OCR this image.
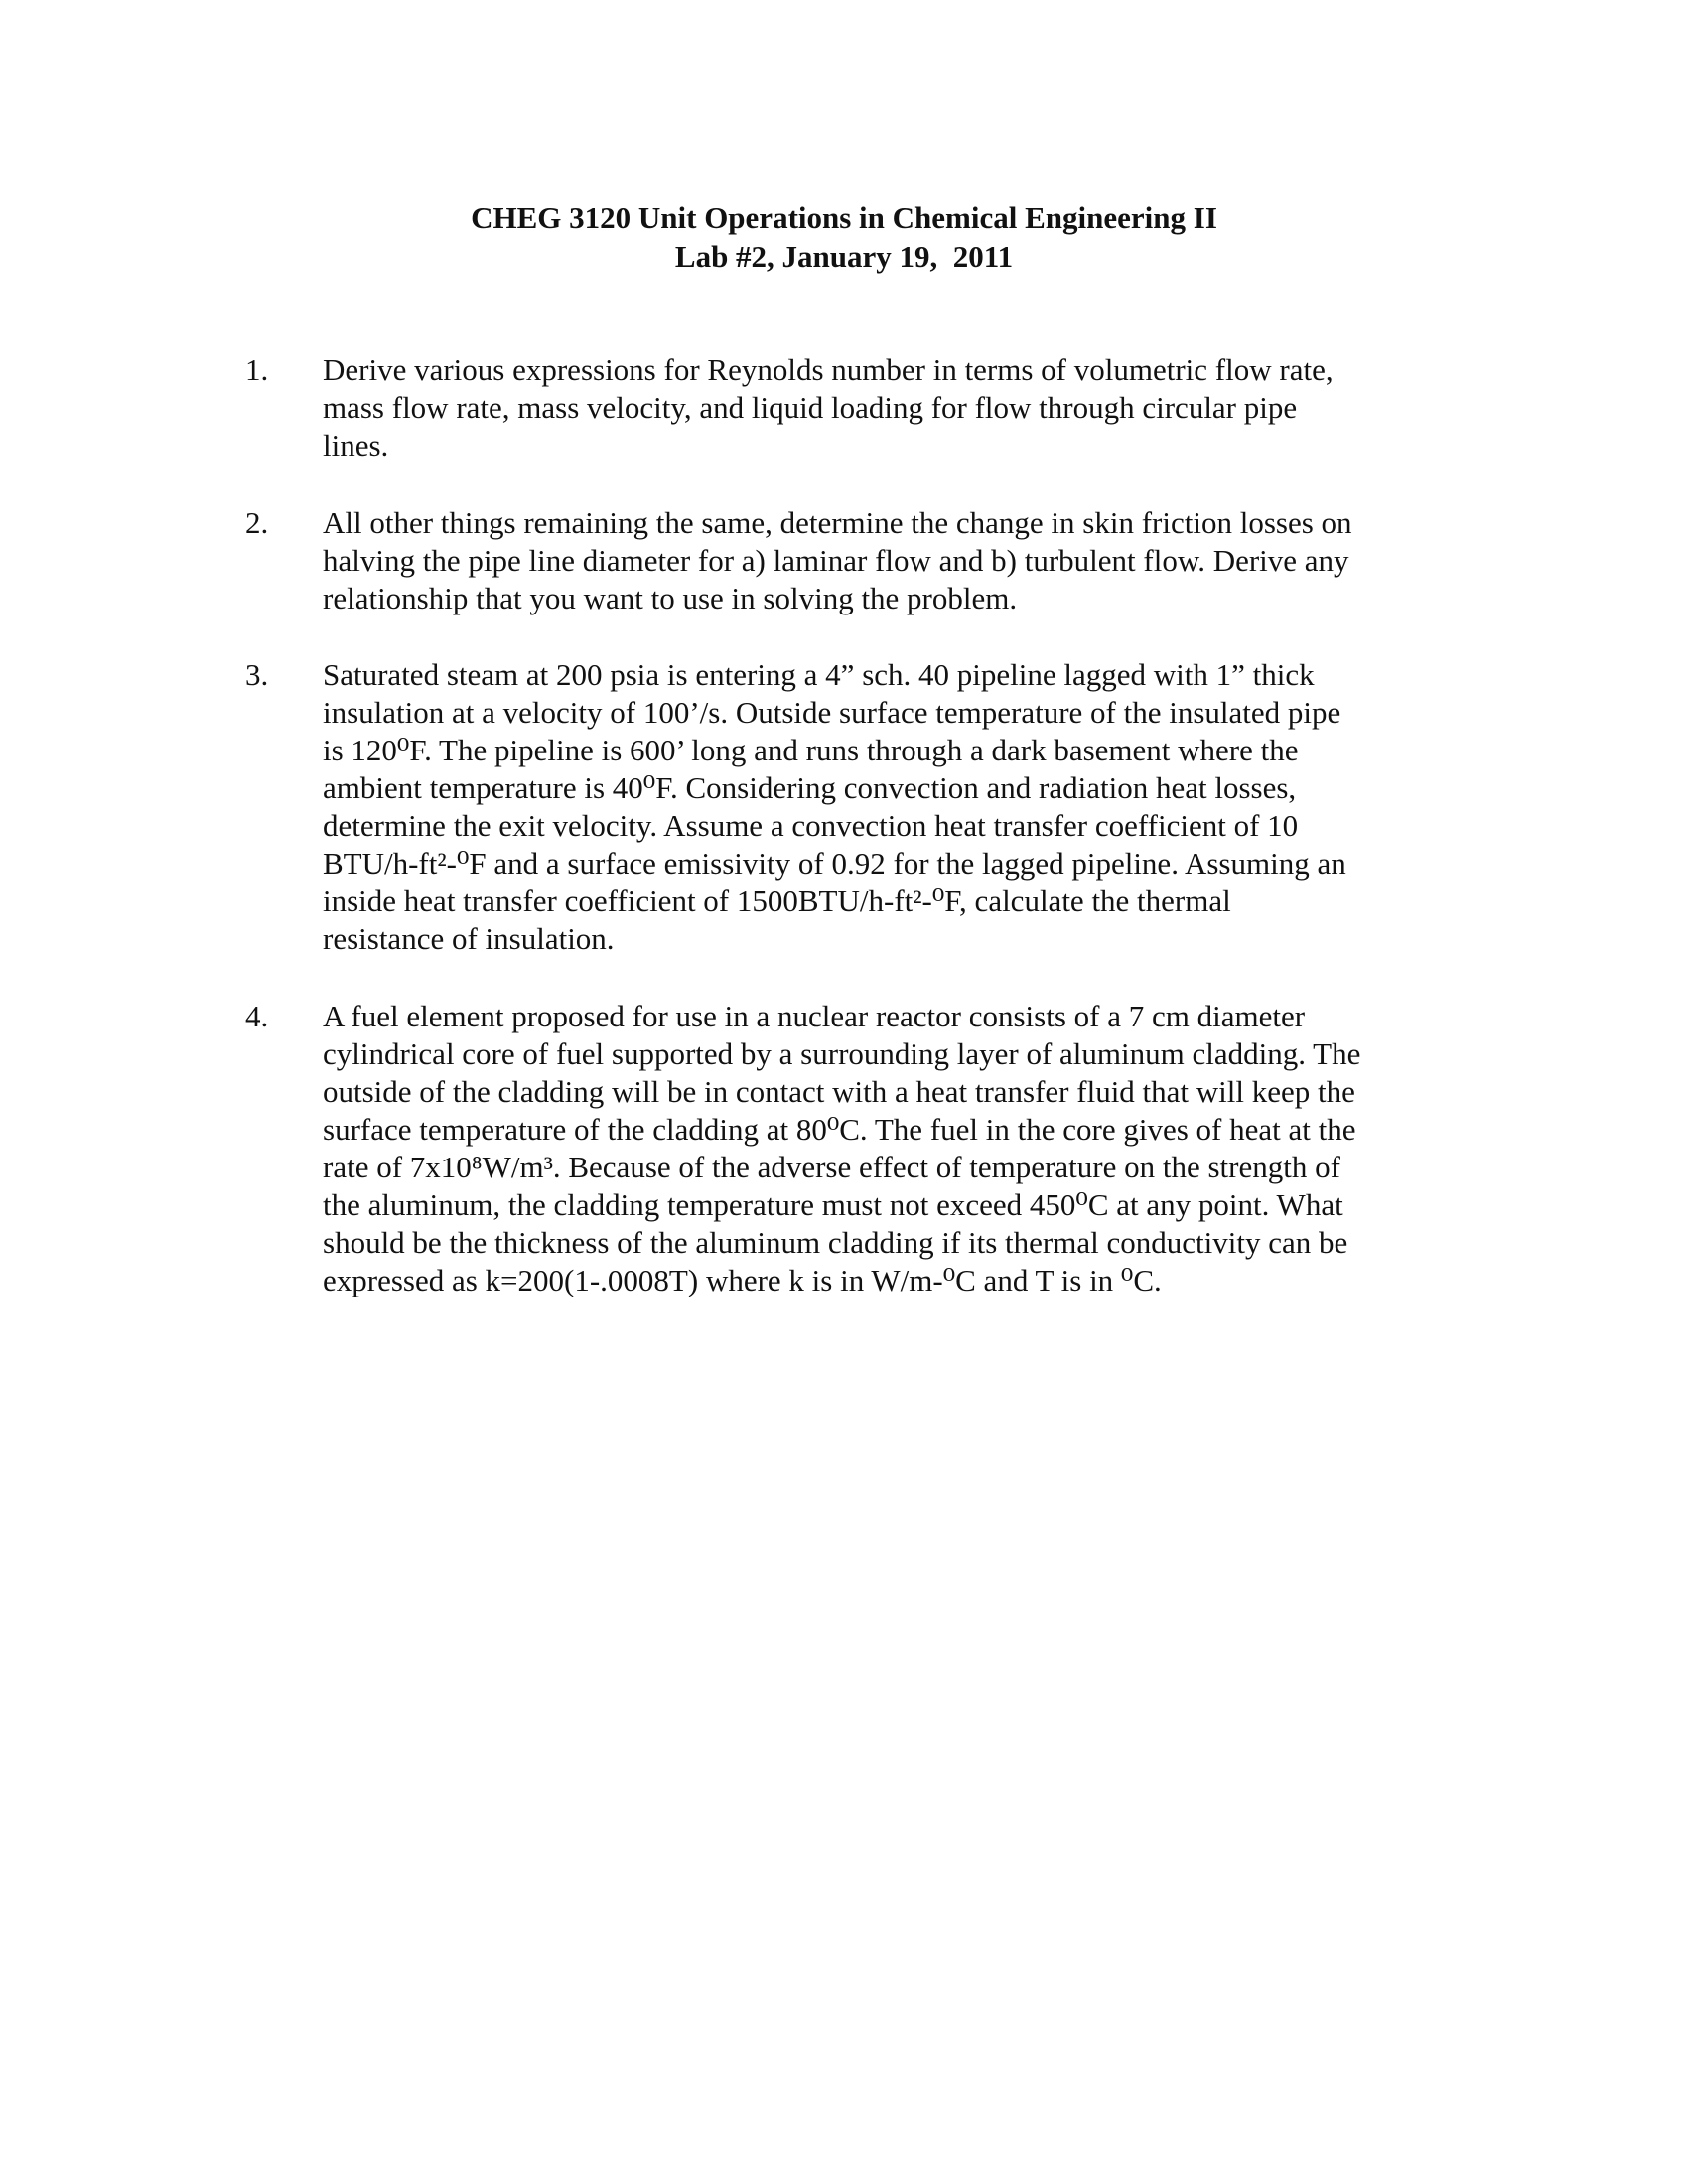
CHEG 3120 Unit Operations in Chemical Engineering II
Lab #2, January 19,  2011
1. Derive various expressions for Reynolds number in terms of volumetric flow rate,
mass flow rate, mass velocity, and liquid loading for flow through circular pipe
lines.
2. All other things remaining the same, determine the change in skin friction losses on
halving the pipe line diameter for a) laminar flow and b) turbulent flow. Derive any
relationship that you want to use in solving the problem.
3. Saturated steam at 200 psia is entering a 4” sch. 40 pipeline lagged with 1” thick
insulation at a velocity of 100’/s. Outside surface temperature of the insulated pipe
is 120⁰F. The pipeline is 600’ long and runs through a dark basement where the
ambient temperature is 40⁰F. Considering convection and radiation heat losses,
determine the exit velocity. Assume a convection heat transfer coefficient of 10
BTU/h-ft²-⁰F and a surface emissivity of 0.92 for the lagged pipeline. Assuming an
inside heat transfer coefficient of 1500BTU/h-ft²-⁰F, calculate the thermal
resistance of insulation.
4. A fuel element proposed for use in a nuclear reactor consists of a 7 cm diameter
cylindrical core of fuel supported by a surrounding layer of aluminum cladding. The
outside of the cladding will be in contact with a heat transfer fluid that will keep the
surface temperature of the cladding at 80⁰C. The fuel in the core gives of heat at the
rate of 7x10⁸W/m³. Because of the adverse effect of temperature on the strength of
the aluminum, the cladding temperature must not exceed 450⁰C at any point. What
should be the thickness of the aluminum cladding if its thermal conductivity can be
expressed as k=200(1-.0008T) where k is in W/m-⁰C and T is in ⁰C.
